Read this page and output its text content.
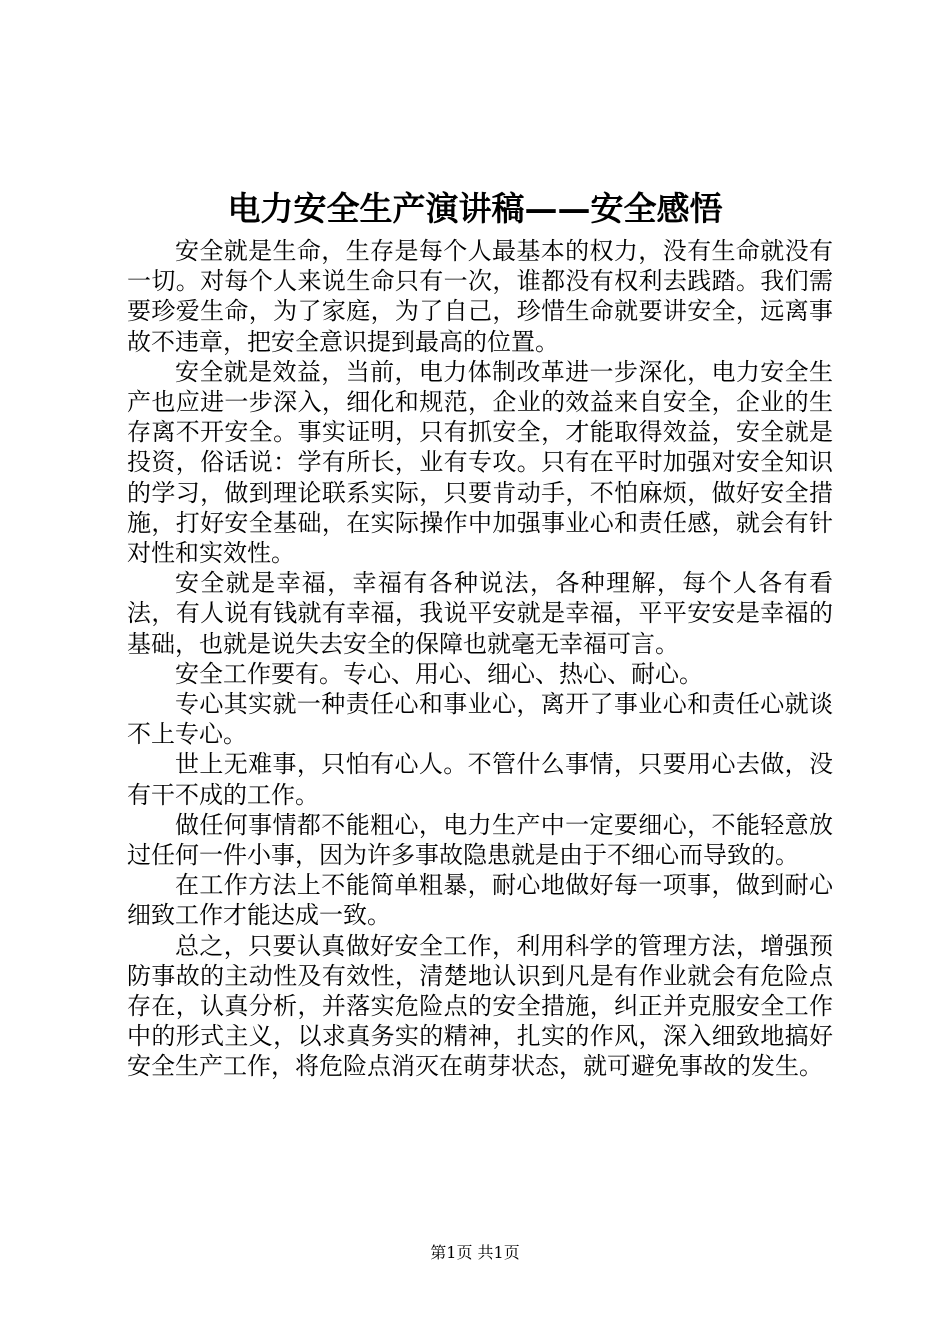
电力安全生产演讲稿——安全感悟

安全就是生命，生存是每个人最基本的权力，没有生命就没有一切。对每个人来说生命只有一次，谁都没有权利去践踏。我们需要珍爱生命，为了家庭，为了自己，珍惜生命就要讲安全，远离事故不违章，把安全意识提到最高的位置。

安全就是效益，当前，电力体制改革进一步深化，电力安全生产也应进一步深入，细化和规范，企业的效益来自安全，企业的生存离不开安全。事实证明，只有抓安全，才能取得效益，安全就是投资，俗话说：学有所长，业有专攻。只有在平时加强对安全知识的学习，做到理论联系实际，只要肯动手，不怕麻烦，做好安全措施，打好安全基础，在实际操作中加强事业心和责任感，就会有针对性和实效性。

安全就是幸福，幸福有各种说法，各种理解，每个人各有看法，有人说有钱就有幸福，我说平安就是幸福，平平安安是幸福的基础，也就是说失去安全的保障也就毫无幸福可言。

安全工作要有。专心、用心、细心、热心、耐心。

专心其实就一种责任心和事业心，离开了事业心和责任心就谈不上专心。

世上无难事，只怕有心人。不管什么事情，只要用心去做，没有干不成的工作。

做任何事情都不能粗心，电力生产中一定要细心，不能轻意放过任何一件小事，因为许多事故隐患就是由于不细心而导致的。

在工作方法上不能简单粗暴，耐心地做好每一项事，做到耐心细致工作才能达成一致。

总之，只要认真做好安全工作，利用科学的管理方法，增强预防事故的主动性及有效性，清楚地认识到凡是有作业就会有危险点存在，认真分析，并落实危险点的安全措施，纠正并克服安全工作中的形式主义，以求真务实的精神，扎实的作风，深入细致地搞好安全生产工作，将危险点消灭在萌芽状态，就可避免事故的发生。

第1页 共1页
